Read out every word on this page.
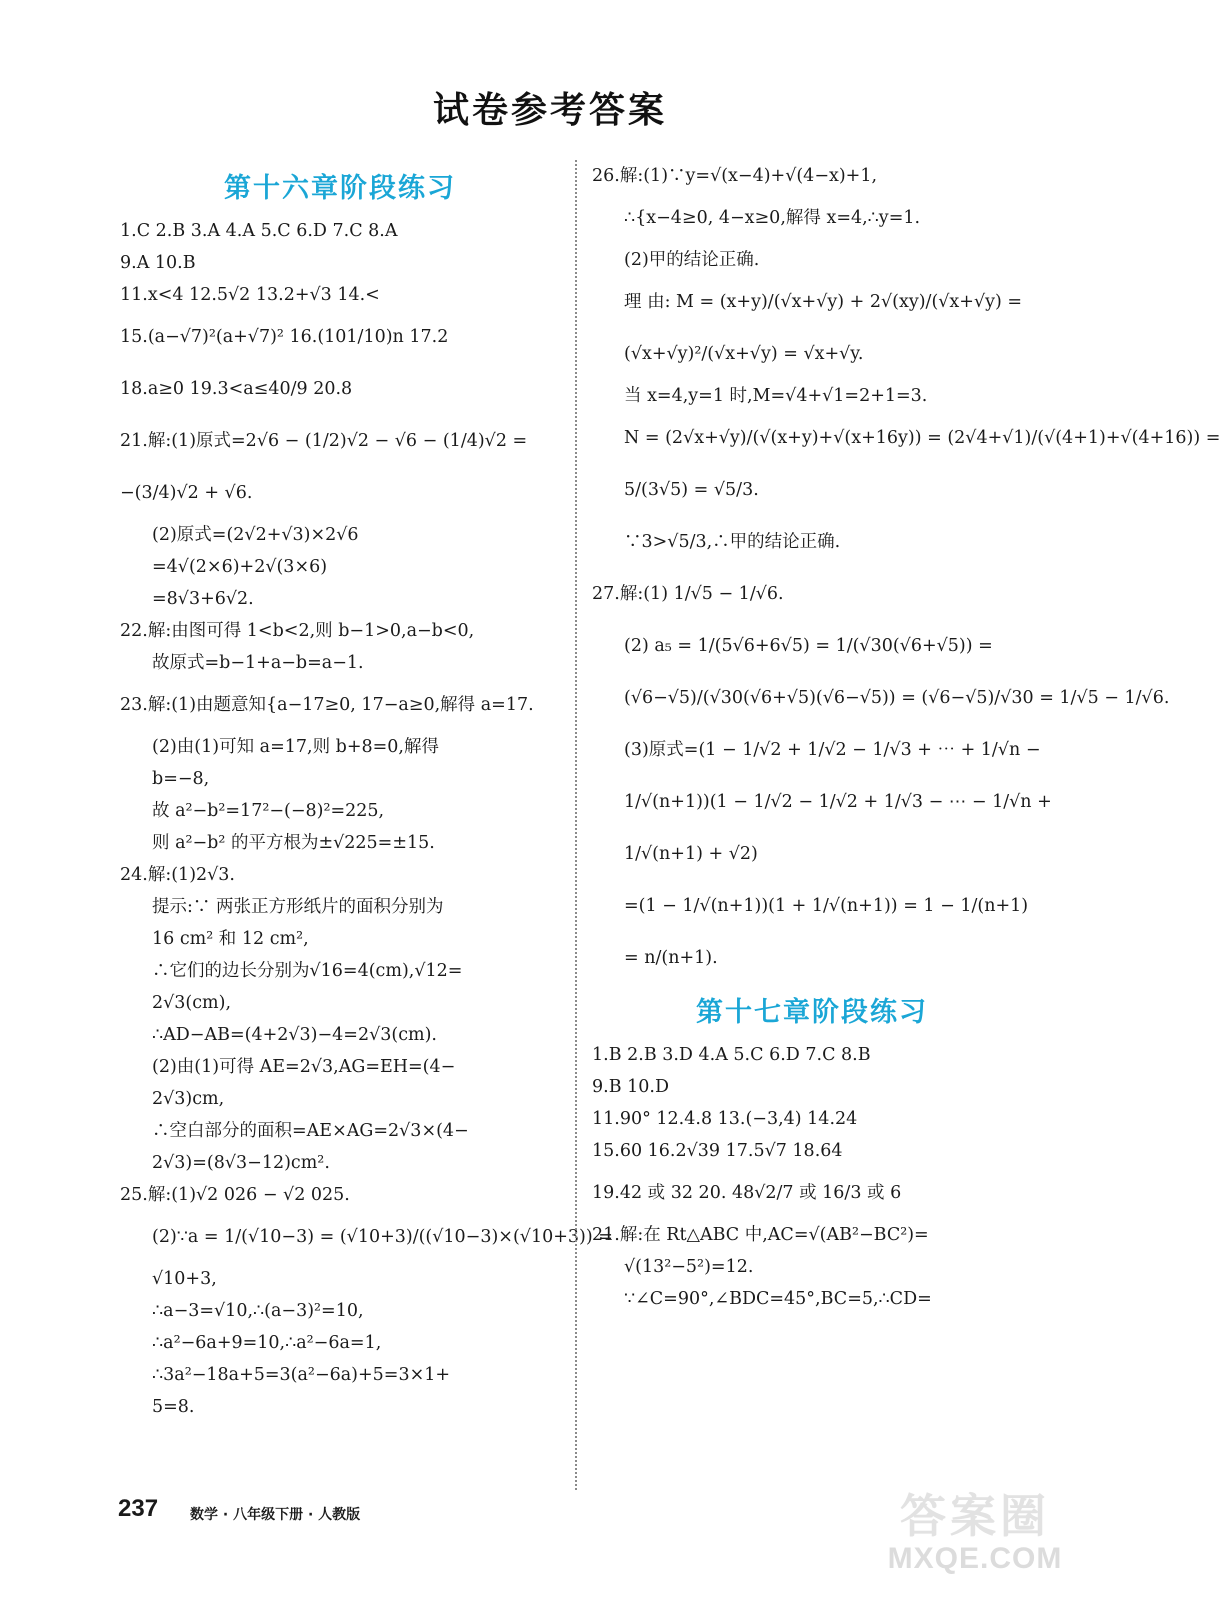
试卷参考答案
第十六章阶段练习
1.C 2.B 3.A 4.A 5.C 6.D 7.C 8.A
9.A 10.B
11.x<4 12.5√2 13.2+√3 14.<
15.(a−√7)²(a+√7)² 16.(101/10)n 17.2
18.a≥0 19.3<a≤40/9 20.8
21.解:(1)原式=2√6 − (1/2)√2 − √6 − (1/4)√2 =
−(3/4)√2 + √6.
(2)原式=(2√2+√3)×2√6
=4√(2×6)+2√(3×6)
=8√3+6√2.
22.解:由图可得 1<b<2,则 b−1>0,a−b<0,
故原式=b−1+a−b=a−1.
23.解:(1)由题意知{a−17≥0, 17−a≥0,解得 a=17.
(2)由(1)可知 a=17,则 b+8=0,解得
b=−8,
故 a²−b²=17²−(−8)²=225,
则 a²−b² 的平方根为±√225=±15.
24.解:(1)2√3.
提示:∵ 两张正方形纸片的面积分别为
16 cm² 和 12 cm²,
∴它们的边长分别为√16=4(cm),√12=
2√3(cm),
∴AD−AB=(4+2√3)−4=2√3(cm).
(2)由(1)可得 AE=2√3,AG=EH=(4−
2√3)cm,
∴空白部分的面积=AE×AG=2√3×(4−
2√3)=(8√3−12)cm².
25.解:(1)√2 026 − √2 025.
(2)∵a = 1/(√10−3) = (√10+3)/((√10−3)×(√10+3)) =
√10+3,
∴a−3=√10,∴(a−3)²=10,
∴a²−6a+9=10,∴a²−6a=1,
∴3a²−18a+5=3(a²−6a)+5=3×1+
5=8.
26.解:(1)∵y=√(x−4)+√(4−x)+1,
∴{x−4≥0, 4−x≥0,解得 x=4,∴y=1.
(2)甲的结论正确.
理 由: M = (x+y)/(√x+√y) + 2√(xy)/(√x+√y) =
(√x+√y)²/(√x+√y) = √x+√y.
当 x=4,y=1 时,M=√4+√1=2+1=3.
N = (2√x+√y)/(√(x+y)+√(x+16y)) = (2√4+√1)/(√(4+1)+√(4+16)) =
5/(3√5) = √5/3.
∵3>√5/3,∴甲的结论正确.
27.解:(1) 1/√5 − 1/√6.
(2) a₅ = 1/(5√6+6√5) = 1/(√30(√6+√5)) =
(√6−√5)/(√30(√6+√5)(√6−√5)) = (√6−√5)/√30 = 1/√5 − 1/√6.
(3)原式=(1 − 1/√2 + 1/√2 − 1/√3 + ⋯ + 1/√n −
1/√(n+1))(1 − 1/√2 − 1/√2 + 1/√3 − ⋯ − 1/√n +
1/√(n+1) + √2)
=(1 − 1/√(n+1))(1 + 1/√(n+1)) = 1 − 1/(n+1)
= n/(n+1).
第十七章阶段练习
1.B 2.B 3.D 4.A 5.C 6.D 7.C 8.B
9.B 10.D
11.90° 12.4.8 13.(−3,4) 14.24
15.60 16.2√39 17.5√7 18.64
19.42 或 32 20. 48√2/7 或 16/3 或 6
21.解:在 Rt△ABC 中,AC=√(AB²−BC²)=
√(13²−5²)=12.
∵∠C=90°,∠BDC=45°,BC=5,∴CD=
237 数学 · 八年级下册 · 人教版	答案圈
MXQE.COM
